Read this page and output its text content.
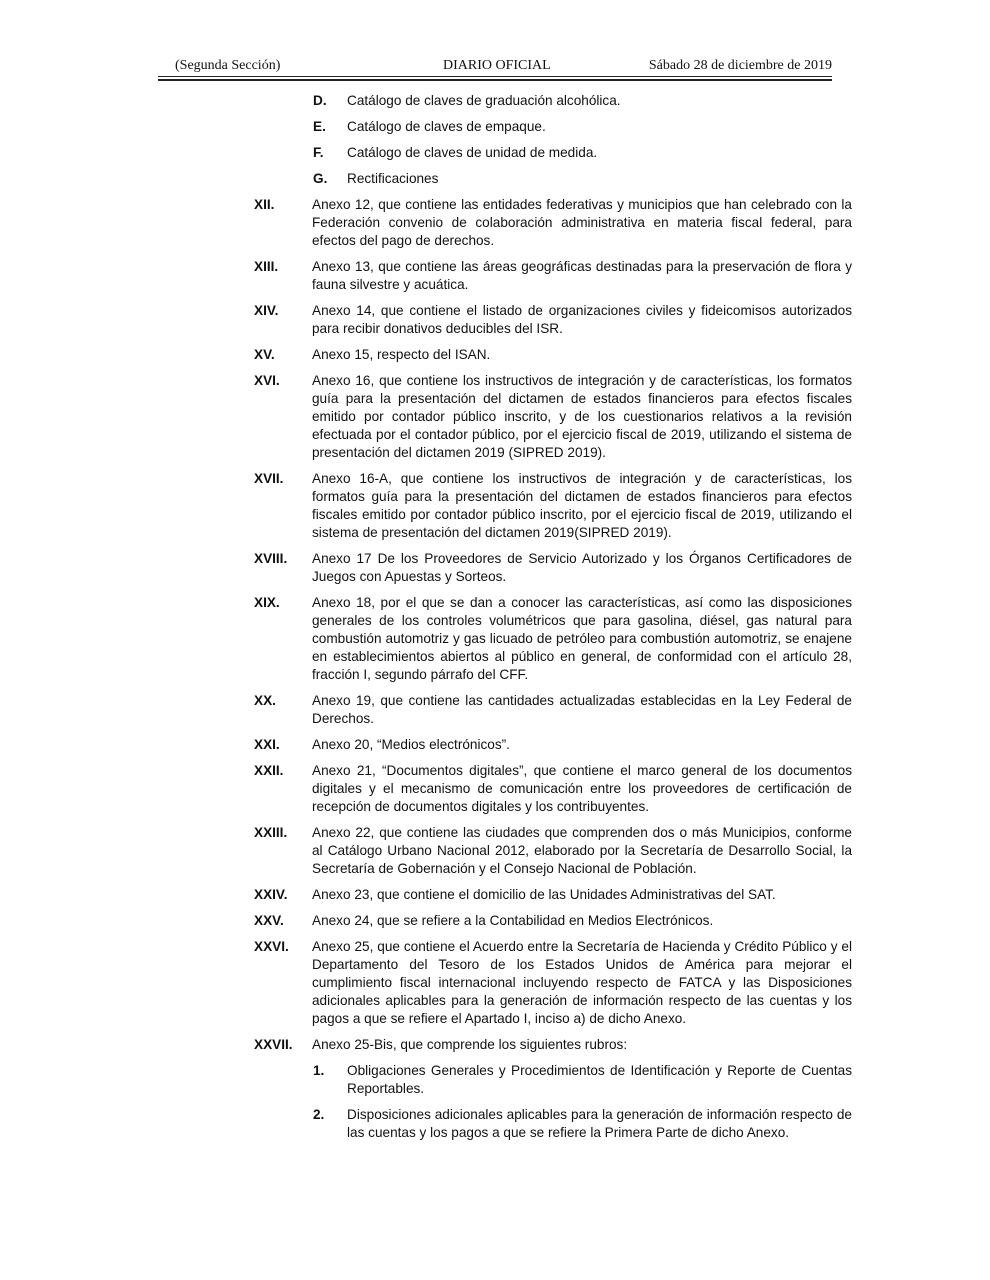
(Segunda Sección)	DIARIO OFICIAL	Sábado 28 de diciembre de 2019
D. Catálogo de claves de graduación alcohólica.
E. Catálogo de claves de empaque.
F. Catálogo de claves de unidad de medida.
G. Rectificaciones
XII.	Anexo 12, que contiene las entidades federativas y municipios que han celebrado con la Federación convenio de colaboración administrativa en materia fiscal federal, para efectos del pago de derechos.
XIII. Anexo 13, que contiene las áreas geográficas destinadas para la preservación de flora y fauna silvestre y acuática.
XIV. Anexo 14, que contiene el listado de organizaciones civiles y fideicomisos autorizados para recibir donativos deducibles del ISR.
XV.	Anexo 15, respecto del ISAN.
XVI. Anexo 16, que contiene los instructivos de integración y de características, los formatos guía para la presentación del dictamen de estados financieros para efectos fiscales emitido por contador público inscrito, y de los cuestionarios relativos a la revisión efectuada por el contador público, por el ejercicio fiscal de 2019, utilizando el sistema de presentación del dictamen 2019 (SIPRED 2019).
XVII. Anexo 16-A, que contiene los instructivos de integración y de características, los formatos guía para la presentación del dictamen de estados financieros para efectos fiscales emitido por contador público inscrito, por el ejercicio fiscal de 2019, utilizando el sistema de presentación del dictamen 2019(SIPRED 2019).
XVIII. Anexo 17 De los Proveedores de Servicio Autorizado y los Órganos Certificadores de Juegos con Apuestas y Sorteos.
XIX. Anexo 18, por el que se dan a conocer las características, así como las disposiciones generales de los controles volumétricos que para gasolina, diésel, gas natural para combustión automotriz y gas licuado de petróleo para combustión automotriz, se enajene en establecimientos abiertos al público en general, de conformidad con el artículo 28, fracción I, segundo párrafo del CFF.
XX.	Anexo 19, que contiene las cantidades actualizadas establecidas en la Ley Federal de Derechos.
XXI. Anexo 20, “Medios electrónicos”.
XXII. Anexo 21, “Documentos digitales”, que contiene el marco general de los documentos digitales y el mecanismo de comunicación entre los proveedores de certificación de recepción de documentos digitales y los contribuyentes.
XXIII. Anexo 22, que contiene las ciudades que comprenden dos o más Municipios, conforme al Catálogo Urbano Nacional 2012, elaborado por la Secretaría de Desarrollo Social, la Secretaría de Gobernación y el Consejo Nacional de Población.
XXIV. Anexo 23, que contiene el domicilio de las Unidades Administrativas del SAT.
XXV. Anexo 24, que se refiere a la Contabilidad en Medios Electrónicos.
XXVI. Anexo 25, que contiene el Acuerdo entre la Secretaría de Hacienda y Crédito Público y el Departamento del Tesoro de los Estados Unidos de América para mejorar el cumplimiento fiscal internacional incluyendo respecto de FATCA y las Disposiciones adicionales aplicables para la generación de información respecto de las cuentas y los pagos a que se refiere el Apartado I, inciso a) de dicho Anexo.
XXVII. Anexo 25-Bis, que comprende los siguientes rubros:
1. Obligaciones Generales y Procedimientos de Identificación y Reporte de Cuentas Reportables.
2. Disposiciones adicionales aplicables para la generación de información respecto de las cuentas y los pagos a que se refiere la Primera Parte de dicho Anexo.
